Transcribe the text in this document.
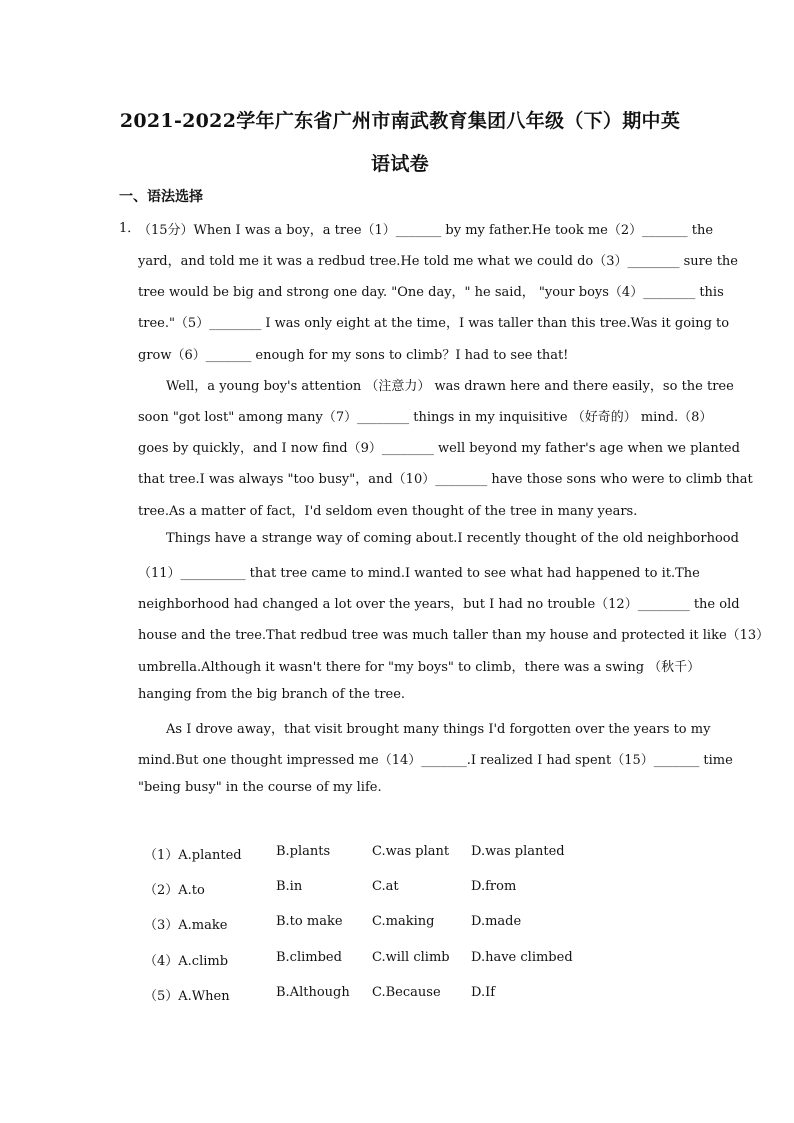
2021-2022学年广东省广州市南武教育集团八年级（下）期中英
语试卷
一、语法选择
1．
（15分）When I was a boy，a tree（1）_______ by my father.He took me（2）_______ the
yard，and told me it was a redbud tree.He told me what we could do（3）________ sure the
tree would be big and strong one day. "One day，" he said， "your boys（4）________ this
tree."（5）________ I was only eight at the time，I was taller than this tree.Was it going to
grow（6）_______ enough for my sons to climb？I had to see that!
Well，a young boy's attention （注意力） was drawn here and there easily，so the tree
soon "got lost" among many（7）________ things in my inquisitive （好奇的） mind.（8）
goes by quickly，and I now find（9）________ well beyond my father's age when we planted
that tree.I was always "too busy"，and（10）________ have those sons who were to climb that
tree.As a matter of fact，I'd seldom even thought of the tree in many years.
Things have a strange way of coming about.I recently thought of the old neighborhood
（11）__________ that tree came to mind.I wanted to see what had happened to it.The
neighborhood had changed a lot over the years，but I had no trouble（12）________ the old
house and the tree.That redbud tree was much taller than my house and protected it like（13）
umbrella.Although it wasn't there for "my boys" to climb，there was a swing （秋千）
hanging from the big branch of the tree.
As I drove away，that visit brought many things I'd forgotten over the years to my
mind.But one thought impressed me（14）_______.I realized I had spent（15）_______ time
"being busy" in the course of my life.
（1）A.planted	B.plants	C.was plant D.was planted
（2）A.to	B.in	C.at	D.from
（3）A.make	B.to make C.making	D.made
（4）A.climb	B.climbed C.will climb D.have climbed
（5）A.When	B.Although C.Because D.If
